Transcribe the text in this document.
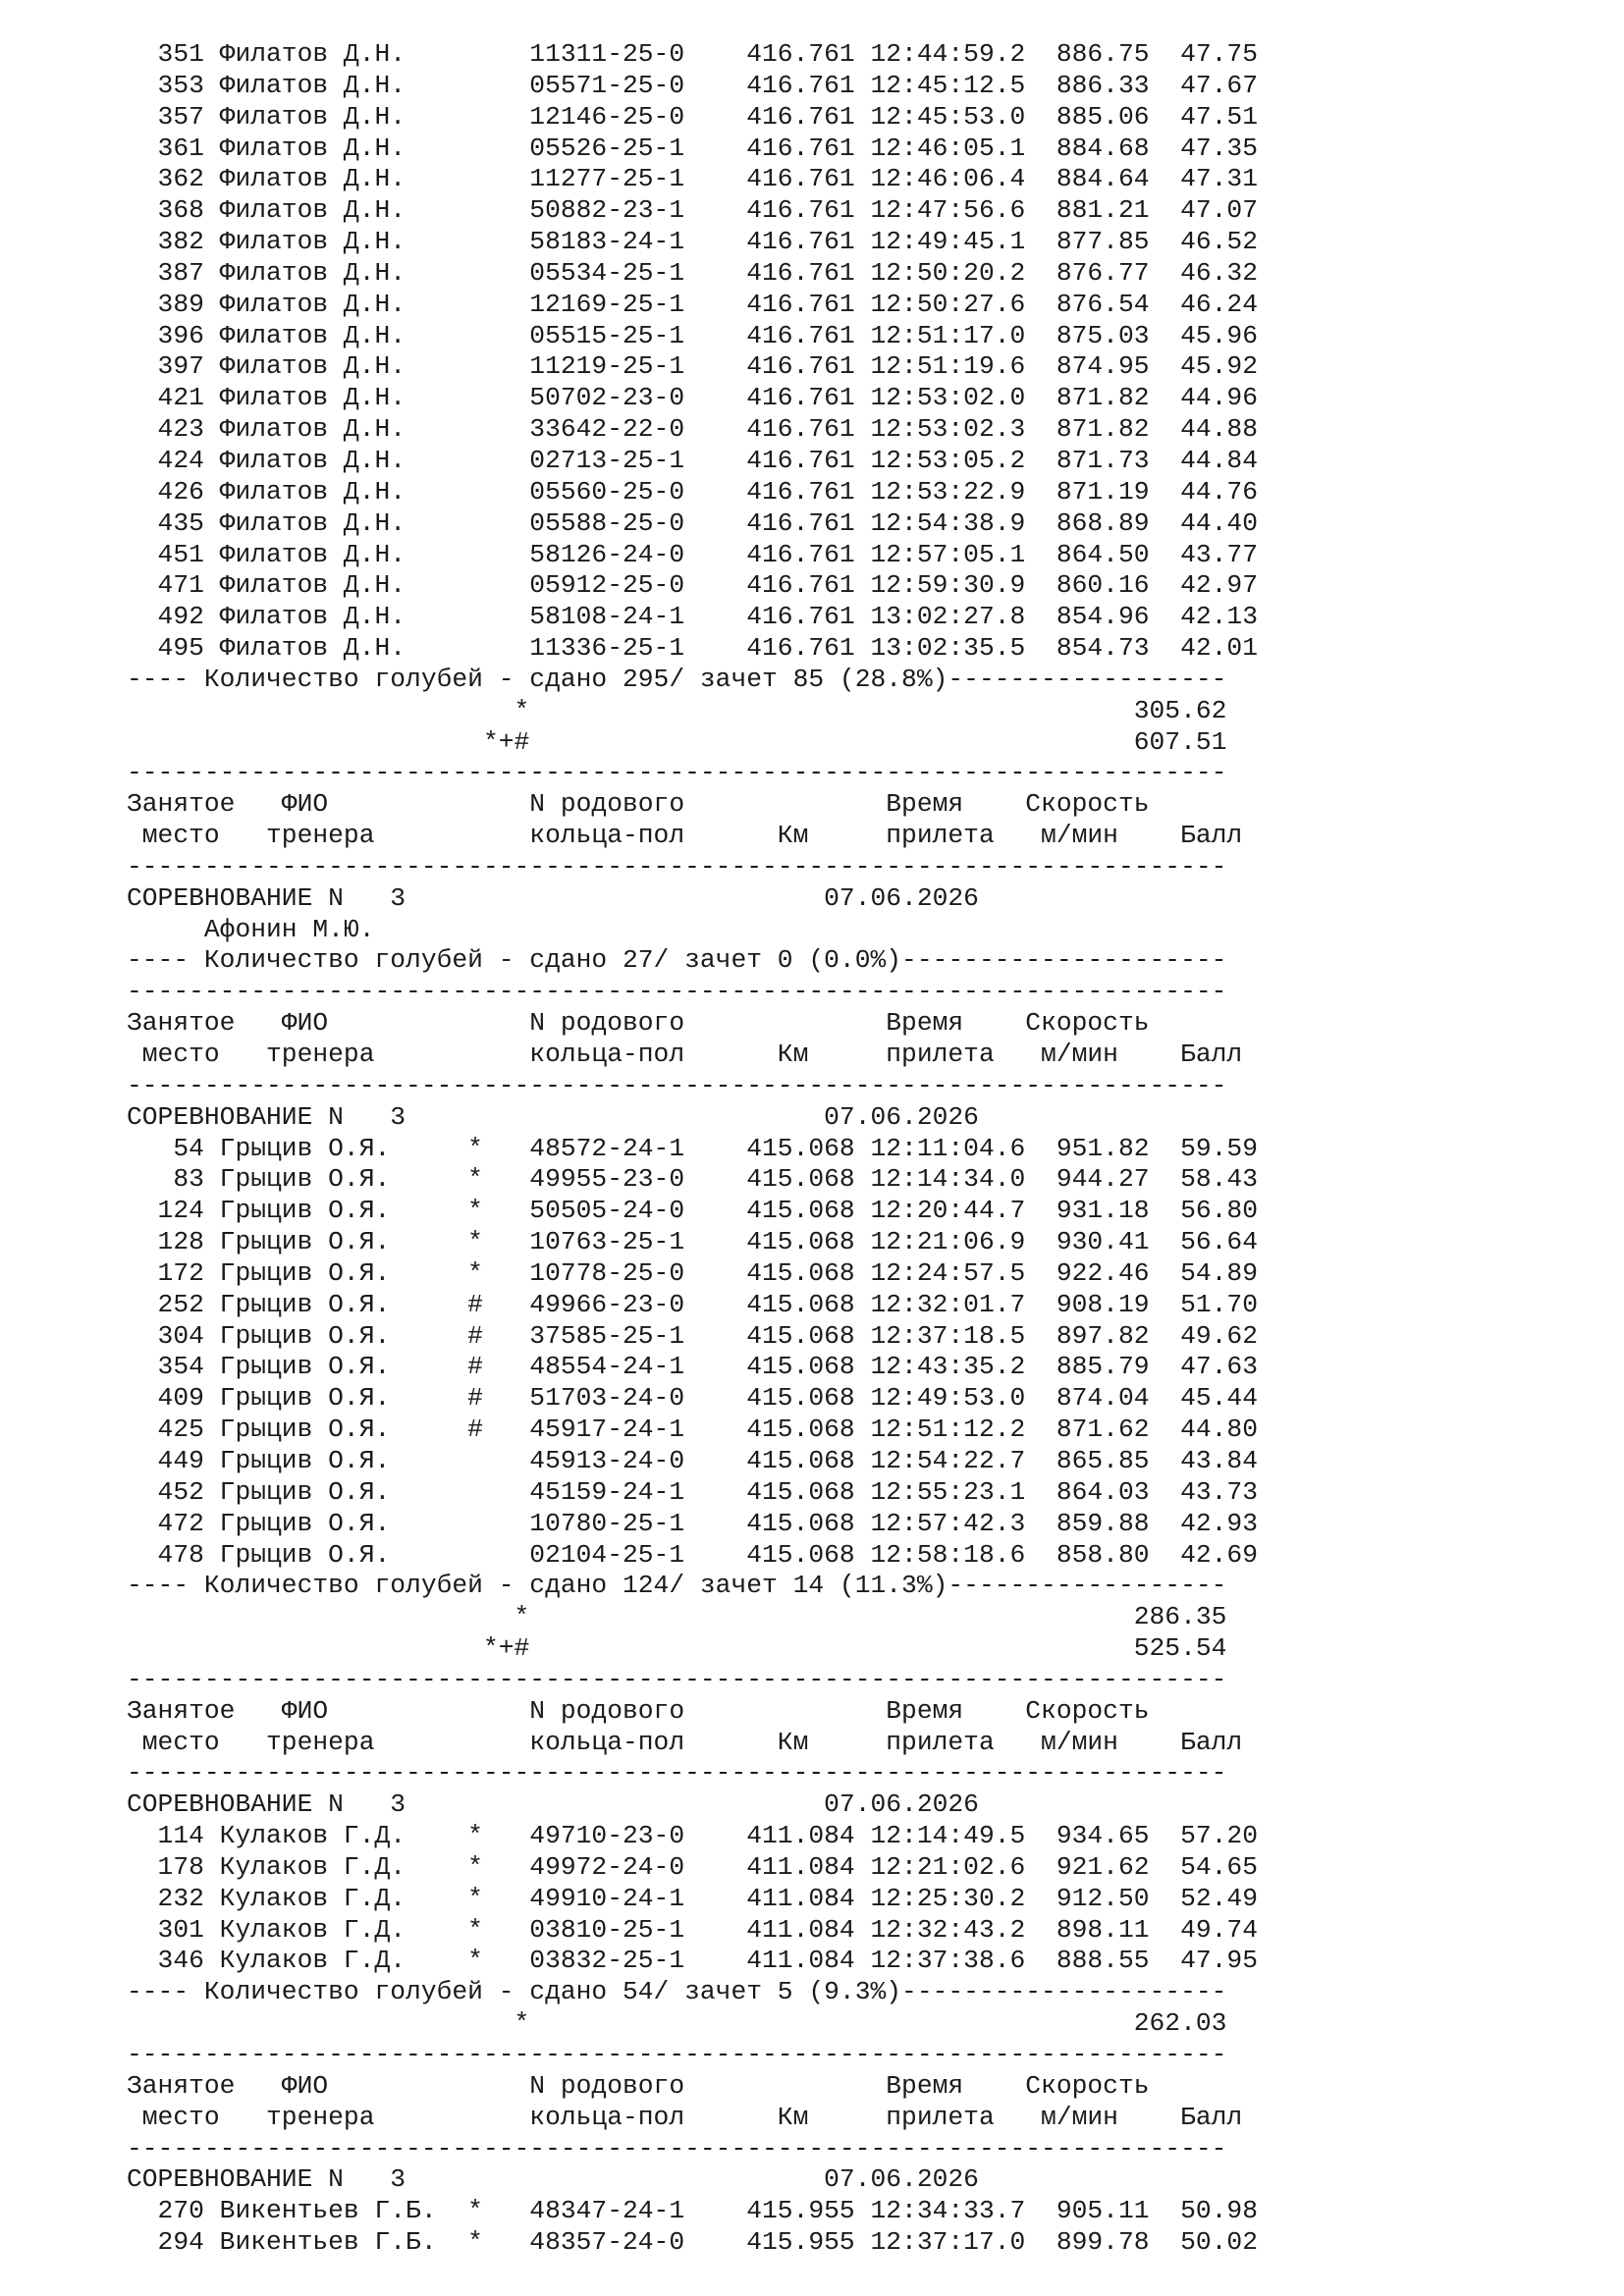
351 Филатов Д.Н.        11311-25-0    416.761 12:44:59.2  886.75  47.75
353 Филатов Д.Н.        05571-25-0    416.761 12:45:12.5  886.33  47.67
357 Филатов Д.Н.        12146-25-0    416.761 12:45:53.0  885.06  47.51
361 Филатов Д.Н.        05526-25-1    416.761 12:46:05.1  884.68  47.35
362 Филатов Д.Н.        11277-25-1    416.761 12:46:06.4  884.64  47.31
368 Филатов Д.Н.        50882-23-1    416.761 12:47:56.6  881.21  47.07
382 Филатов Д.Н.        58183-24-1    416.761 12:49:45.1  877.85  46.52
387 Филатов Д.Н.        05534-25-1    416.761 12:50:20.2  876.77  46.32
389 Филатов Д.Н.        12169-25-1    416.761 12:50:27.6  876.54  46.24
396 Филатов Д.Н.        05515-25-1    416.761 12:51:17.0  875.03  45.96
397 Филатов Д.Н.        11219-25-1    416.761 12:51:19.6  874.95  45.92
421 Филатов Д.Н.        50702-23-0    416.761 12:53:02.0  871.82  44.96
423 Филатов Д.Н.        33642-22-0    416.761 12:53:02.3  871.82  44.88
424 Филатов Д.Н.        02713-25-1    416.761 12:53:05.2  871.73  44.84
426 Филатов Д.Н.        05560-25-0    416.761 12:53:22.9  871.19  44.76
435 Филатов Д.Н.        05588-25-0    416.761 12:54:38.9  868.89  44.40
451 Филатов Д.Н.        58126-24-0    416.761 12:57:05.1  864.50  43.77
471 Филатов Д.Н.        05912-25-0    416.761 12:59:30.9  860.16  42.97
492 Филатов Д.Н.        58108-24-1    416.761 13:02:27.8  854.96  42.13
495 Филатов Д.Н.        11336-25-1    416.761 13:02:35.5  854.73  42.01
---- Количество голубей - сдано 295/ зачет 85 (28.8%)------------------
*                                       305.62
*+#                                       607.51
-----------------------------------------------------------------------
Занятое   ФИО             N родового             Время    Скорость
место   тренера          кольца-пол      Км     прилета   м/мин    Балл
-----------------------------------------------------------------------
СОРЕВНОВАНИЕ N   3                           07.06.2026
Афонин М.Ю.
---- Количество голубей - сдано 27/ зачет 0 (0.0%)---------------------
-----------------------------------------------------------------------
Занятое   ФИО             N родового             Время    Скорость
место   тренера          кольца-пол      Км     прилета   м/мин    Балл
-----------------------------------------------------------------------
СОРЕВНОВАНИЕ N   3                           07.06.2026
54 Грыцив О.Я.     *   48572-24-1    415.068 12:11:04.6  951.82  59.59
83 Грыцив О.Я.     *   49955-23-0    415.068 12:14:34.0  944.27  58.43
124 Грыцив О.Я.     *   50505-24-0    415.068 12:20:44.7  931.18  56.80
128 Грыцив О.Я.     *   10763-25-1    415.068 12:21:06.9  930.41  56.64
172 Грыцив О.Я.     *   10778-25-0    415.068 12:24:57.5  922.46  54.89
252 Грыцив О.Я.     #   49966-23-0    415.068 12:32:01.7  908.19  51.70
304 Грыцив О.Я.     #   37585-25-1    415.068 12:37:18.5  897.82  49.62
354 Грыцив О.Я.     #   48554-24-1    415.068 12:43:35.2  885.79  47.63
409 Грыцив О.Я.     #   51703-24-0    415.068 12:49:53.0  874.04  45.44
425 Грыцив О.Я.     #   45917-24-1    415.068 12:51:12.2  871.62  44.80
449 Грыцив О.Я.         45913-24-0    415.068 12:54:22.7  865.85  43.84
452 Грыцив О.Я.         45159-24-1    415.068 12:55:23.1  864.03  43.73
472 Грыцив О.Я.         10780-25-1    415.068 12:57:42.3  859.88  42.93
478 Грыцив О.Я.         02104-25-1    415.068 12:58:18.6  858.80  42.69
---- Количество голубей - сдано 124/ зачет 14 (11.3%)------------------
*                                       286.35
*+#                                       525.54
-----------------------------------------------------------------------
Занятое   ФИО             N родового             Время    Скорость
место   тренера          кольца-пол      Км     прилета   м/мин    Балл
-----------------------------------------------------------------------
СОРЕВНОВАНИЕ N   3                           07.06.2026
114 Кулаков Г.Д.    *   49710-23-0    411.084 12:14:49.5  934.65  57.20
178 Кулаков Г.Д.    *   49972-24-0    411.084 12:21:02.6  921.62  54.65
232 Кулаков Г.Д.    *   49910-24-1    411.084 12:25:30.2  912.50  52.49
301 Кулаков Г.Д.    *   03810-25-1    411.084 12:32:43.2  898.11  49.74
346 Кулаков Г.Д.    *   03832-25-1    411.084 12:37:38.6  888.55  47.95
---- Количество голубей - сдано 54/ зачет 5 (9.3%)---------------------
*                                       262.03
-----------------------------------------------------------------------
Занятое   ФИО             N родового             Время    Скорость
место   тренера          кольца-пол      Км     прилета   м/мин    Балл
-----------------------------------------------------------------------
СОРЕВНОВАНИЕ N   3                           07.06.2026
270 Викентьев Г.Б.  *   48347-24-1    415.955 12:34:33.7  905.11  50.98
294 Викентьев Г.Б.  *   48357-24-0    415.955 12:37:17.0  899.78  50.02
